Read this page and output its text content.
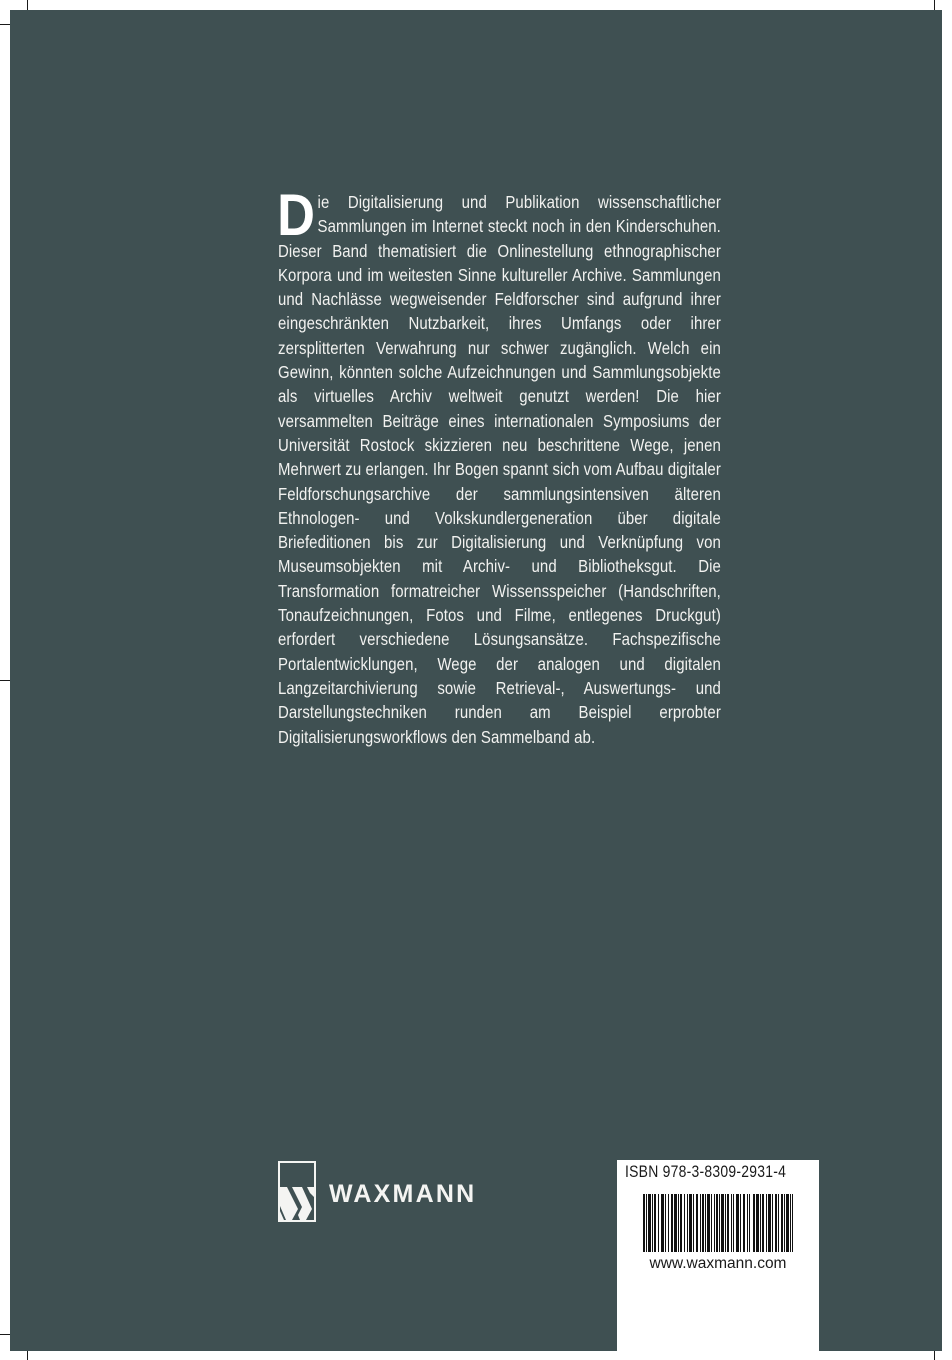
Die Digitalisierung und Publikation wissenschaftlicher Sammlungen im Internet steckt noch in den Kinderschuhen. Dieser Band thematisiert die Onlinestellung ethnographischer Korpora und im weitesten Sinne kultureller Archive. Sammlungen und Nachlässe wegweisender Feldforscher sind aufgrund ihrer eingeschränkten Nutzbarkeit, ihres Umfangs oder ihrer zersplitterten Verwahrung nur schwer zugänglich. Welch ein Gewinn, könnten solche Aufzeichnungen und Sammlungsobjekte als virtuelles Archiv weltweit genutzt werden! Die hier versammelten Beiträge eines internationalen Symposiums der Universität Rostock skizzieren neu beschrittene Wege, jenen Mehrwert zu erlangen. Ihr Bogen spannt sich vom Aufbau digitaler Feldforschungsarchive der sammlungsintensiven älteren Ethnologen- und Volkskundlergeneration über digitale Briefeditionen bis zur Digitalisierung und Verknüpfung von Museumsobjekten mit Archiv- und Bibliotheksgut. Die Transformation formatreicher Wissensspeicher (Handschriften, Tonaufzeichnungen, Fotos und Filme, entlegenes Druckgut) erfordert verschiedene Lösungsansätze. Fachspezifische Portalentwicklungen, Wege der analogen und digitalen Langzeitarchivierung sowie Retrieval-, Auswertungs- und Darstellungstechniken runden am Beispiel erprobter Digitalisierungsworkflows den Sammelband ab.
WAXMANN
ISBN 978-3-8309-2931-4
www.waxmann.com
